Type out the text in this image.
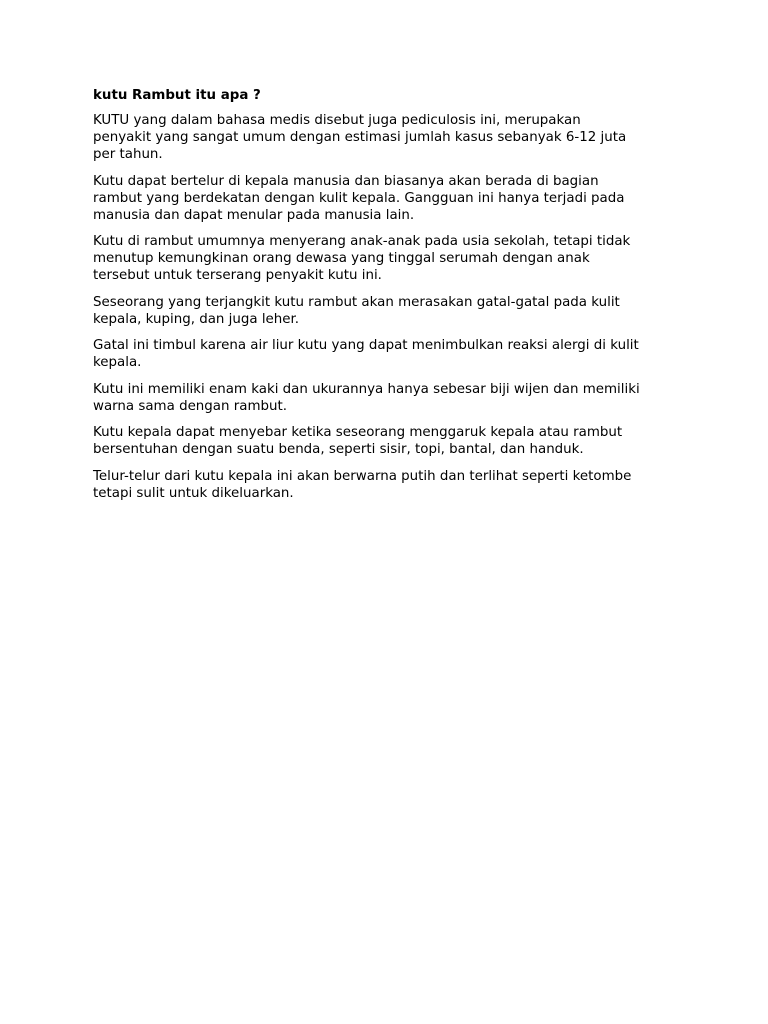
kutu Rambut itu apa ?

KUTU yang dalam bahasa medis disebut juga pediculosis ini, merupakan
penyakit yang sangat umum dengan estimasi jumlah kasus sebanyak 6-12 juta
per tahun.

Kutu dapat bertelur di kepala manusia dan biasanya akan berada di bagian
rambut yang berdekatan dengan kulit kepala. Gangguan ini hanya terjadi pada
manusia dan dapat menular pada manusia lain.

Kutu di rambut umumnya menyerang anak-anak pada usia sekolah, tetapi tidak
menutup kemungkinan orang dewasa yang tinggal serumah dengan anak
tersebut untuk terserang penyakit kutu ini.

Seseorang yang terjangkit kutu rambut akan merasakan gatal-gatal pada kulit
kepala, kuping, dan juga leher.

Gatal ini timbul karena air liur kutu yang dapat menimbulkan reaksi alergi di kulit
kepala.

Kutu ini memiliki enam kaki dan ukurannya hanya sebesar biji wijen dan memiliki
warna sama dengan rambut.

Kutu kepala dapat menyebar ketika seseorang menggaruk kepala atau rambut
bersentuhan dengan suatu benda, seperti sisir, topi, bantal, dan handuk.

Telur-telur dari kutu kepala ini akan berwarna putih dan terlihat seperti ketombe
tetapi sulit untuk dikeluarkan.
